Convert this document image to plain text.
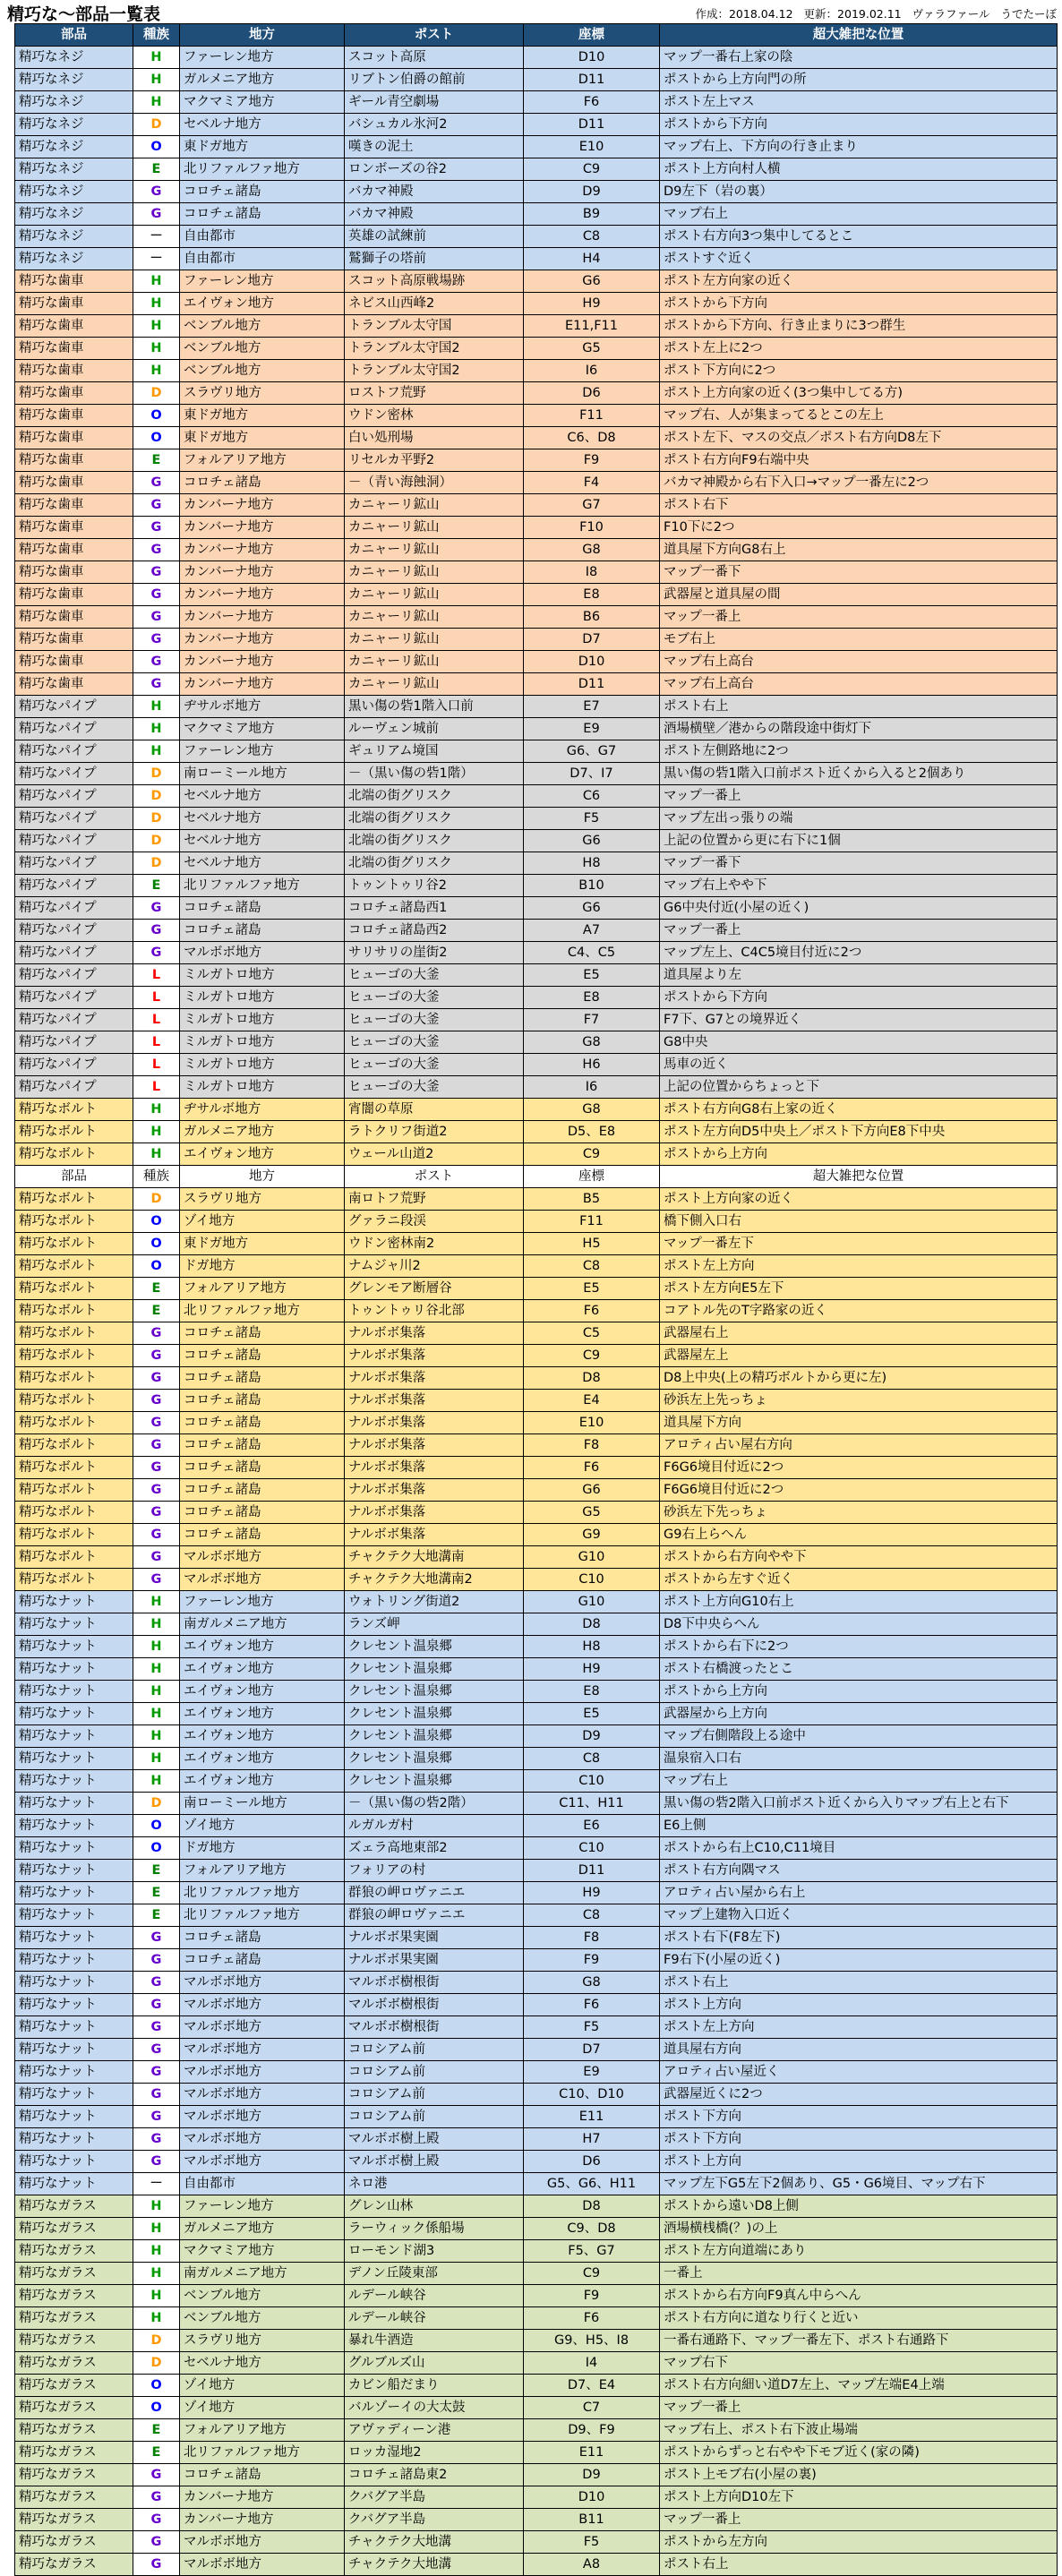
精巧な～部品一覧表	作成：2018.04.12 更新：2019.02.11 ヴァラファール うでたーぼ
部品	種族	地方	ポスト	座標	超大雑把な位置
精巧なネジ	H	ファーレン地方	スコット高原	D10	マップ一番右上家の陰
精巧なネジ	H	ガルメニア地方	リブトン伯爵の館前	D11	ポストから上方向門の所
精巧なネジ	H	マクマミア地方	ギール青空劇場	F6	ポスト左上マス
精巧なネジ	D	セベルナ地方	バシュカル氷河2	D11	ポストから下方向
精巧なネジ	O	東ドガ地方	嘆きの泥土	E10	マップ右上、下方向の行き止まり
精巧なネジ	E	北リファルファ地方	ロンボーズの谷2	C9	ポスト上方向村人横
精巧なネジ	G	コロチェ諸島	バカマ神殿	D9	D9左下（岩の裏）
精巧なネジ	G	コロチェ諸島	バカマ神殿	B9	マップ右上
精巧なネジ	－	自由都市	英雄の試練前	C8	ポスト右方向3つ集中してるとこ
精巧なネジ	－	自由都市	鷲獅子の塔前	H4	ポストすぐ近く
精巧な歯車	H	ファーレン地方	スコット高原戦場跡	G6	ポスト左方向家の近く
精巧な歯車	H	エイヴォン地方	ネビス山西峰2	H9	ポストから下方向
精巧な歯車	H	ベンブル地方	トランブル太守国	E11,F11	ポストから下方向、行き止まりに3つ群生
精巧な歯車	H	ベンブル地方	トランブル太守国2	G5	ポスト左上に2つ
精巧な歯車	H	ベンブル地方	トランブル太守国2	I6	ポスト下方向に2つ
精巧な歯車	D	スラヴリ地方	ロストフ荒野	D6	ポスト上方向家の近く(3つ集中してる方)
精巧な歯車	O	東ドガ地方	ウドン密林	F11	マップ右、人が集まってるとこの左上
精巧な歯車	O	東ドガ地方	白い処刑場	C6、D8	ポスト左下、マスの交点／ポスト右方向D8左下
精巧な歯車	E	フォルアリア地方	リセルカ平野2	F9	ポスト右方向F9右端中央
精巧な歯車	G	コロチェ諸島	－（青い海蝕洞）	F4	バカマ神殿から右下入口→マップ一番左に2つ
精巧な歯車	G	カンバーナ地方	カニャーリ鉱山	G7	ポスト右下
精巧な歯車	G	カンバーナ地方	カニャーリ鉱山	F10	F10下に2つ
精巧な歯車	G	カンバーナ地方	カニャーリ鉱山	G8	道具屋下方向G8右上
精巧な歯車	G	カンバーナ地方	カニャーリ鉱山	I8	マップ一番下
精巧な歯車	G	カンバーナ地方	カニャーリ鉱山	E8	武器屋と道具屋の間
精巧な歯車	G	カンバーナ地方	カニャーリ鉱山	B6	マップ一番上
精巧な歯車	G	カンバーナ地方	カニャーリ鉱山	D7	モブ右上
精巧な歯車	G	カンバーナ地方	カニャーリ鉱山	D10	マップ右上高台
精巧な歯車	G	カンバーナ地方	カニャーリ鉱山	D11	マップ右上高台
精巧なパイプ	H	ヂサルボ地方	黒い傷の砦1階入口前	E7	ポスト右上
精巧なパイプ	H	マクマミア地方	ルーヴェン城前	E9	酒場横壁／港からの階段途中街灯下
精巧なパイプ	H	ファーレン地方	ギュリアム境国	G6、G7	ポスト左側路地に2つ
精巧なパイプ	D	南ローミール地方	－（黒い傷の砦1階）	D7、I7	黒い傷の砦1階入口前ポスト近くから入ると2個あり
精巧なパイプ	D	セベルナ地方	北端の街グリスク	C6	マップ一番上
精巧なパイプ	D	セベルナ地方	北端の街グリスク	F5	マップ左出っ張りの端
精巧なパイプ	D	セベルナ地方	北端の街グリスク	G6	上記の位置から更に右下に1個
精巧なパイプ	D	セベルナ地方	北端の街グリスク	H8	マップ一番下
精巧なパイプ	E	北リファルファ地方	トゥントゥリ谷2	B10	マップ右上やや下
精巧なパイプ	G	コロチェ諸島	コロチェ諸島西1	G6	G6中央付近(小屋の近く)
精巧なパイプ	G	コロチェ諸島	コロチェ諸島西2	A7	マップ一番上
精巧なパイプ	G	マルボボ地方	サリサリの崖街2	C4、C5	マップ左上、C4C5境目付近に2つ
精巧なパイプ	L	ミルガトロ地方	ヒューゴの大釜	E5	道具屋より左
精巧なパイプ	L	ミルガトロ地方	ヒューゴの大釜	E8	ポストから下方向
精巧なパイプ	L	ミルガトロ地方	ヒューゴの大釜	F7	F7下、G7との境界近く
精巧なパイプ	L	ミルガトロ地方	ヒューゴの大釜	G8	G8中央
精巧なパイプ	L	ミルガトロ地方	ヒューゴの大釜	H6	馬車の近く
精巧なパイプ	L	ミルガトロ地方	ヒューゴの大釜	I6	上記の位置からちょっと下
精巧なボルト	H	ヂサルボ地方	宵闇の草原	G8	ポスト右方向G8右上家の近く
精巧なボルト	H	ガルメニア地方	ラトクリフ街道2	D5、E8	ポスト左方向D5中央上／ポスト下方向E8下中央
精巧なボルト	H	エイヴォン地方	ウェール山道2	C9	ポストから上方向
部品	種族	地方	ポスト	座標	超大雑把な位置
精巧なボルト	D	スラヴリ地方	南ロトフ荒野	B5	ポスト上方向家の近く
精巧なボルト	O	ゾイ地方	グァラニ段渓	F11	橋下側入口右
精巧なボルト	O	東ドガ地方	ウドン密林南2	H5	マップ一番左下
精巧なボルト	O	ドガ地方	ナムジャ川2	C8	ポスト左上方向
精巧なボルト	E	フォルアリア地方	グレンモア断層谷	E5	ポスト左方向E5左下
精巧なボルト	E	北リファルファ地方	トゥントゥリ谷北部	F6	コアトル先のT字路家の近く
精巧なボルト	G	コロチェ諸島	ナルボボ集落	C5	武器屋右上
精巧なボルト	G	コロチェ諸島	ナルボボ集落	C9	武器屋左上
精巧なボルト	G	コロチェ諸島	ナルボボ集落	D8	D8上中央(上の精巧ボルトから更に左)
精巧なボルト	G	コロチェ諸島	ナルボボ集落	E4	砂浜左上先っちょ
精巧なボルト	G	コロチェ諸島	ナルボボ集落	E10	道具屋下方向
精巧なボルト	G	コロチェ諸島	ナルボボ集落	F8	アロティ占い屋右方向
精巧なボルト	G	コロチェ諸島	ナルボボ集落	F6	F6G6境目付近に2つ
精巧なボルト	G	コロチェ諸島	ナルボボ集落	G6	F6G6境目付近に2つ
精巧なボルト	G	コロチェ諸島	ナルボボ集落	G5	砂浜左下先っちょ
精巧なボルト	G	コロチェ諸島	ナルボボ集落	G9	G9右上らへん
精巧なボルト	G	マルボボ地方	チャクテク大地溝南	G10	ポストから右方向やや下
精巧なボルト	G	マルボボ地方	チャクテク大地溝南2	C10	ポストから左すぐ近く
精巧なナット	H	ファーレン地方	ウォトリング街道2	G10	ポスト上方向G10右上
精巧なナット	H	南ガルメニア地方	ランズ岬	D8	D8下中央らへん
精巧なナット	H	エイヴォン地方	クレセント温泉郷	H8	ポストから右下に2つ
精巧なナット	H	エイヴォン地方	クレセント温泉郷	H9	ポスト右橋渡ったとこ
精巧なナット	H	エイヴォン地方	クレセント温泉郷	E8	ポストから上方向
精巧なナット	H	エイヴォン地方	クレセント温泉郷	E5	武器屋から上方向
精巧なナット	H	エイヴォン地方	クレセント温泉郷	D9	マップ右側階段上る途中
精巧なナット	H	エイヴォン地方	クレセント温泉郷	C8	温泉宿入口右
精巧なナット	H	エイヴォン地方	クレセント温泉郷	C10	マップ右上
精巧なナット	D	南ローミール地方	－（黒い傷の砦2階）	C11、H11	黒い傷の砦2階入口前ポスト近くから入りマップ右上と右下
精巧なナット	O	ゾイ地方	ルガルガ村	E6	E6上側
精巧なナット	O	ドガ地方	ズェラ高地東部2	C10	ポストから右上C10,C11境目
精巧なナット	E	フォルアリア地方	フォリアの村	D11	ポスト右方向隅マス
精巧なナット	E	北リファルファ地方	群狼の岬ロヴァニエ	H9	アロティ占い屋から右上
精巧なナット	E	北リファルファ地方	群狼の岬ロヴァニエ	C8	マップ上建物入口近く
精巧なナット	G	コロチェ諸島	ナルボボ果実園	F8	ポスト右下(F8左下)
精巧なナット	G	コロチェ諸島	ナルボボ果実園	F9	F9右下(小屋の近く)
精巧なナット	G	マルボボ地方	マルボボ樹根街	G8	ポスト右上
精巧なナット	G	マルボボ地方	マルボボ樹根街	F6	ポスト上方向
精巧なナット	G	マルボボ地方	マルボボ樹根街	F5	ポスト左上方向
精巧なナット	G	マルボボ地方	コロシアム前	D7	道具屋右方向
精巧なナット	G	マルボボ地方	コロシアム前	E9	アロティ占い屋近く
精巧なナット	G	マルボボ地方	コロシアム前	C10、D10	武器屋近くに2つ
精巧なナット	G	マルボボ地方	コロシアム前	E11	ポスト下方向
精巧なナット	G	マルボボ地方	マルボボ樹上殿	H7	ポスト下方向
精巧なナット	G	マルボボ地方	マルボボ樹上殿	D6	ポスト上方向
精巧なナット	－	自由都市	ネロ港	G5、G6、H11	マップ左下G5左下2個あり、G5・G6境目、マップ右下
精巧なガラス	H	ファーレン地方	グレン山林	D8	ポストから遠いD8上側
精巧なガラス	H	ガルメニア地方	ラーウィック係船場	C9、D8	酒場横桟橋(？)の上
精巧なガラス	H	マクマミア地方	ローモンド湖3	F5、G7	ポスト左方向道端にあり
精巧なガラス	H	南ガルメニア地方	デノン丘陵東部	C9	一番上
精巧なガラス	H	ベンブル地方	ルデール峡谷	F9	ポストから右方向F9真ん中らへん
精巧なガラス	H	ベンブル地方	ルデール峡谷	F6	ポスト右方向に道なり行くと近い
精巧なガラス	D	スラヴリ地方	暴れ牛酒造	G9、H5、I8	一番右通路下、マップ一番左下、ポスト右通路下
精巧なガラス	D	セベルナ地方	グルブルズ山	I4	マップ右下
精巧なガラス	O	ゾイ地方	カビン船だまり	D7、E4	ポスト右方向細い道D7左上、マップ左端E4上端
精巧なガラス	O	ゾイ地方	バルゾーイの大太鼓	C7	マップ一番上
精巧なガラス	E	フォルアリア地方	アヴァディーン港	D9、F9	マップ右上、ポスト右下波止場端
精巧なガラス	E	北リファルファ地方	ロッカ湿地2	E11	ポストからずっと右やや下モブ近く(家の隣)
精巧なガラス	G	コロチェ諸島	コロチェ諸島東2	D9	ポスト上モブ右(小屋の裏)
精巧なガラス	G	カンバーナ地方	クバグア半島	D10	ポスト上方向D10左下
精巧なガラス	G	カンバーナ地方	クバグア半島	B11	マップ一番上
精巧なガラス	G	マルボボ地方	チャクテク大地溝	F5	ポストから左方向
精巧なガラス	G	マルボボ地方	チャクテク大地溝	A8	ポスト右上
